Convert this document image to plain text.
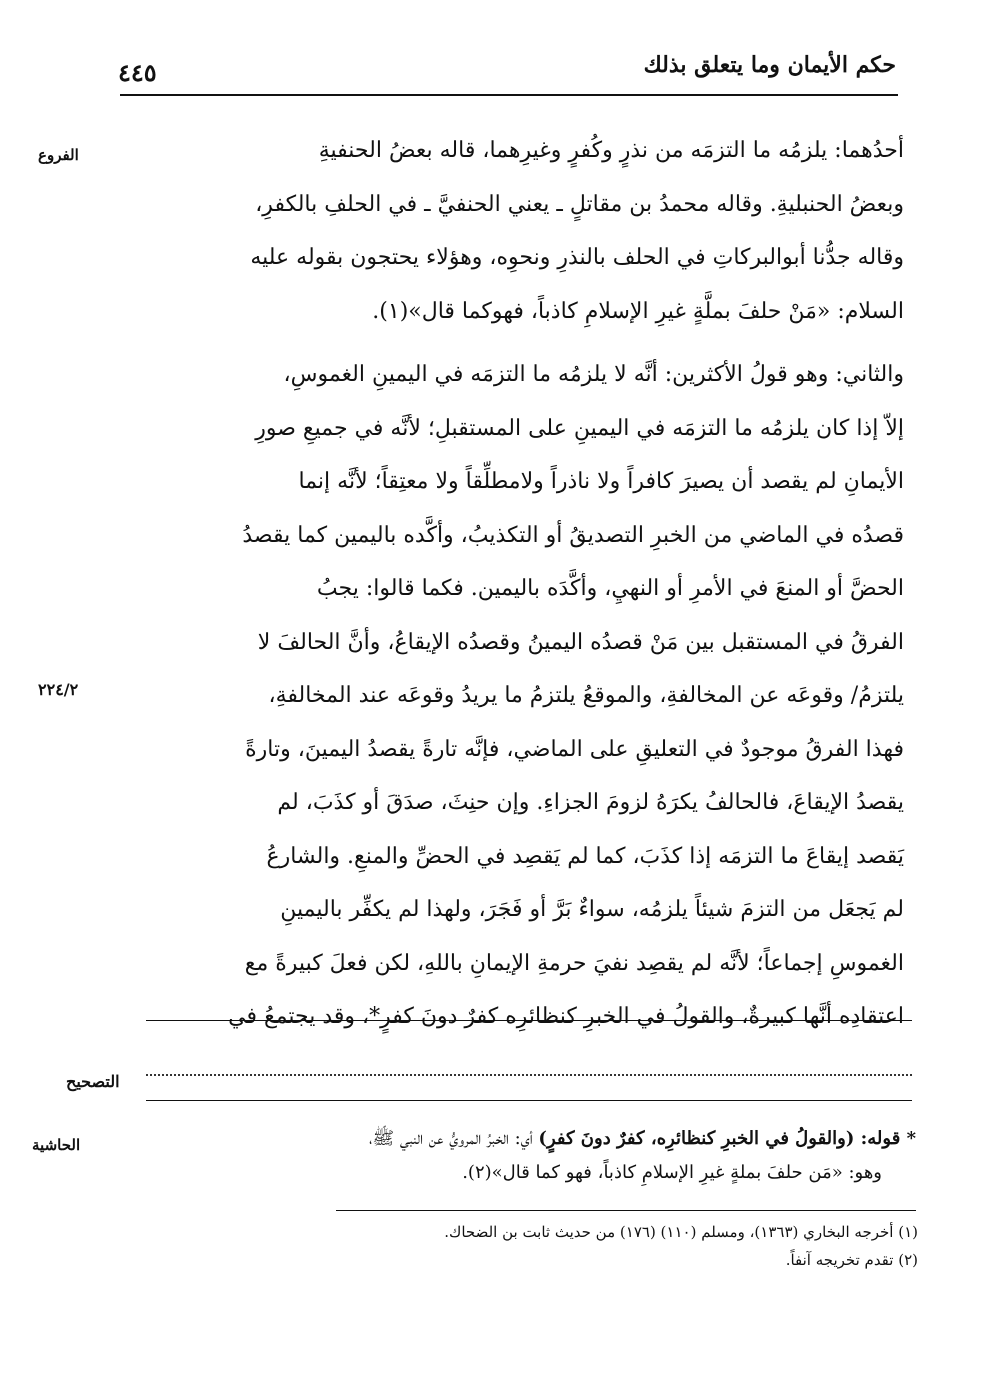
حكم الأيمان وما يتعلق بذلك
٤٤٥
الفروع
٢٢٤/٢
أحدُهما: يلزمُه ما التزمَه من نذرٍ وكُفرٍ وغيرِهما، قاله بعضُ الحنفيةِ
وبعضُ الحنبليةِ. وقاله محمدُ بن مقاتلٍ ـ يعني الحنفيَّ ـ في الحلفِ بالكفرِ،
وقاله جدُّنا أبوالبركاتِ في الحلف بالنذرِ ونحوِه، وهؤلاء يحتجون بقوله عليه
السلام: «مَنْ حلفَ بملَّةٍ غيرِ الإسلامِ كاذباً، فهوكما قال»(١).
والثاني: وهو قولُ الأكثرين: أنَّه لا يلزمُه ما التزمَه في اليمينِ الغموسِ،
إلاّ إذا كان يلزمُه ما التزمَه في اليمينِ على المستقبلِ؛ لأنَّه في جميعِ صورِ
الأيمانِ لم يقصد أن يصيرَ كافراً ولا ناذراً ولامطلِّقاً ولا معتِقاً؛ لأنَّه إنما
قصدُه في الماضي من الخبرِ التصديقُ أو التكذيبُ، وأكَّده باليمين كما يقصدُ
الحضَّ أو المنعَ في الأمرِ أو النهيِ، وأكَّدَه باليمين. فكما قالوا: يجبُ
الفرقُ في المستقبل بين مَنْ قصدُه اليمينُ وقصدُه الإيقاعُ، وأنَّ الحالفَ لا
يلتزمُ/ وقوعَه عن المخالفةِ، والموقعُ يلتزمُ ما يريدُ وقوعَه عند المخالفةِ،
فهذا الفرقُ موجودٌ في التعليقِ على الماضي، فإنَّه تارةً يقصدُ اليمينَ، وتارةً
يقصدُ الإيقاعَ، فالحالفُ يكرَهُ لزومَ الجزاءِ. وإن حنِثَ، صدَقَ أو كذَبَ، لم
يَقصد إيقاعَ ما التزمَه إذا كذَبَ، كما لم يَقصِد في الحضِّ والمنعِ. والشارعُ
لم يَجعَل من التزمَ شيئاً يلزمُه، سواءٌ بَرَّ أو فَجَرَ، ولهذا لم يكفِّر باليمينِ
الغموسِ إجماعاً؛ لأنَّه لم يقصِد نفيَ حرمةِ الإيمانِ باللهِ، لكن فعلَ كبيرةً مع
اعتقادِه أنَّها كبيرةٌ، والقولُ في الخبرِ كنظائرِه كفرٌ دونَ كفرٍ*، وقد يجتمعُ في
التصحيح
الحاشية	* قوله: (والقولُ في الخبرِ كنظائرِه، كفرٌ دونَ كفرٍ) أي: الخبرُ المرويُّ عن النبي ﷺ،
وهو: «مَن حلفَ بملةٍ غيرِ الإسلامِ كاذباً، فهو كما قال»(٢).
(١) أخرجه البخاري (١٣٦٣)، ومسلم (١١٠) (١٧٦) من حديث ثابت بن الضحاك.
(٢) تقدم تخريجه آنفاً.
